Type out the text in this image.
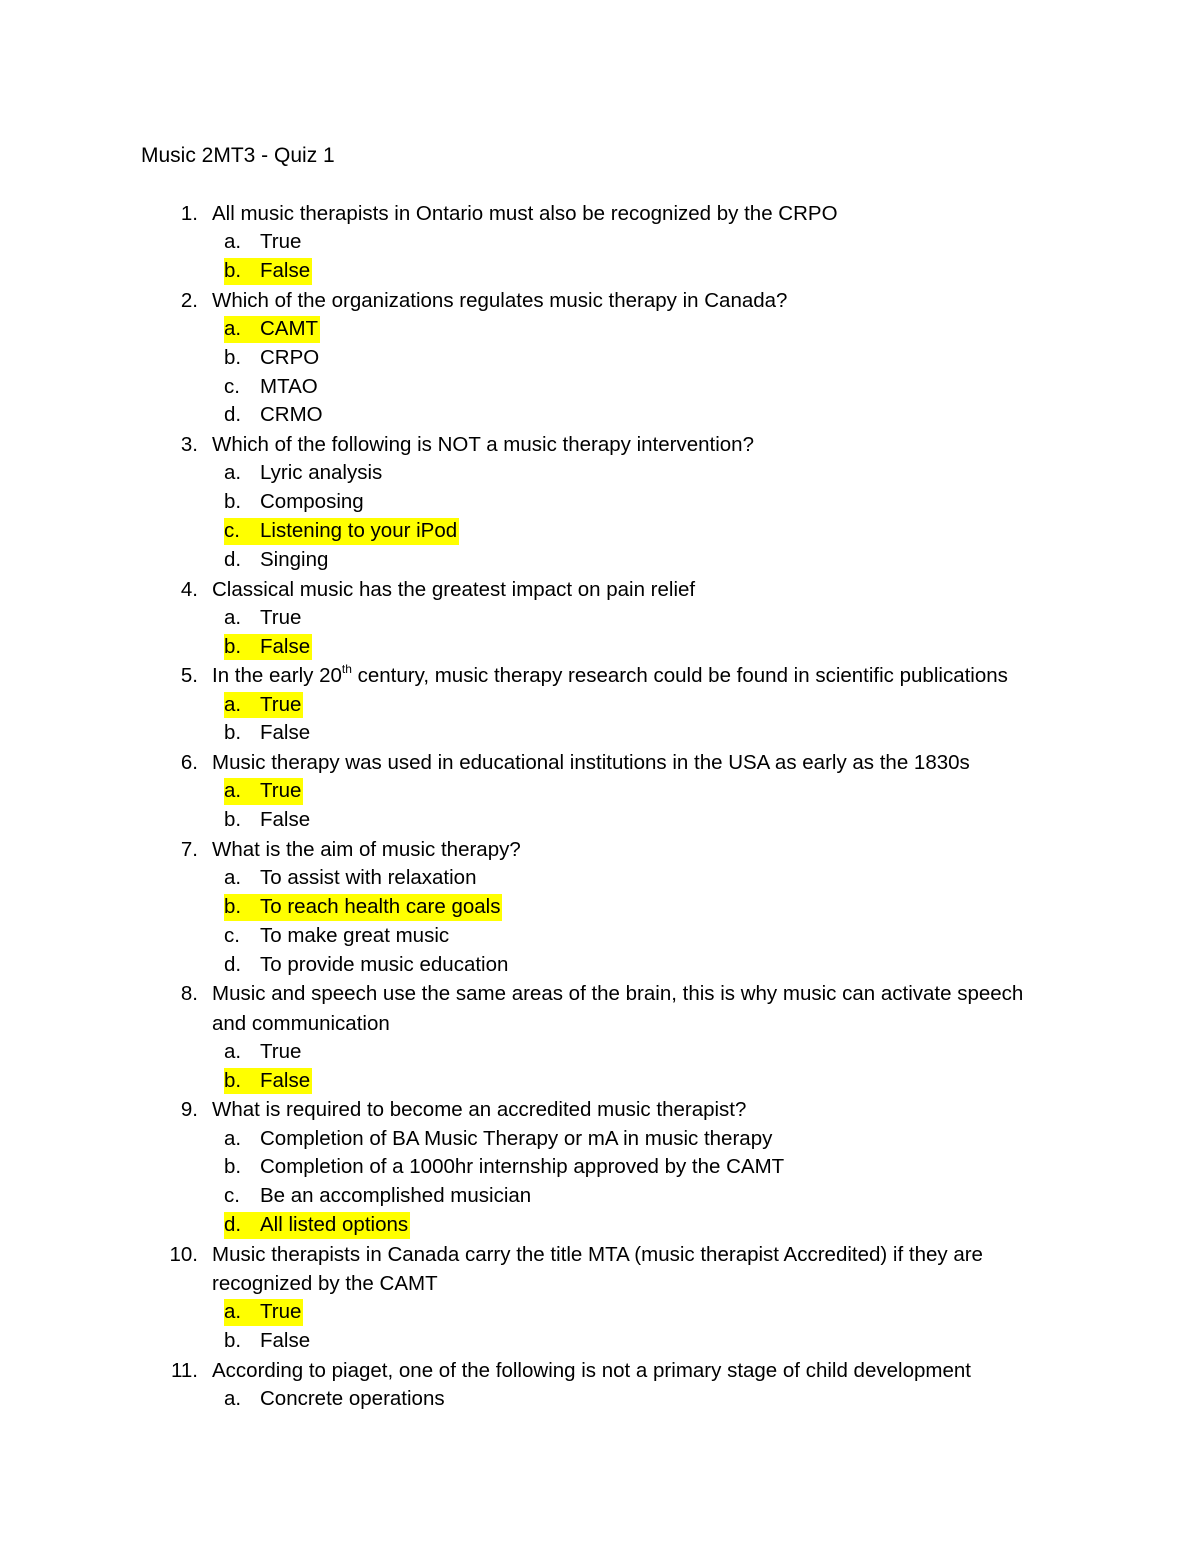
Music 2MT3 - Quiz 1
1. All music therapists in Ontario must also be recognized by the CRPO
a. True
b. False
2. Which of the organizations regulates music therapy in Canada?
a. CAMT
b. CRPO
c. MTAO
d. CRMO
3. Which of the following is NOT a music therapy intervention?
a. Lyric analysis
b. Composing
c. Listening to your iPod
d. Singing
4. Classical music has the greatest impact on pain relief
a. True
b. False
5. In the early 20th century, music therapy research could be found in scientific publications
a. True
b. False
6. Music therapy was used in educational institutions in the USA as early as the 1830s
a. True
b. False
7. What is the aim of music therapy?
a. To assist with relaxation
b. To reach health care goals
c. To make great music
d. To provide music education
8. Music and speech use the same areas of the brain, this is why music can activate speech and communication
a. True
b. False
9. What is required to become an accredited music therapist?
a. Completion of BA Music Therapy or mA in music therapy
b. Completion of a 1000hr internship approved by the CAMT
c. Be an accomplished musician
d. All listed options
10. Music therapists in Canada carry the title MTA (music therapist Accredited) if they are recognized by the CAMT
a. True
b. False
11. According to piaget, one of the following is not a primary stage of child development
a. Concrete operations
